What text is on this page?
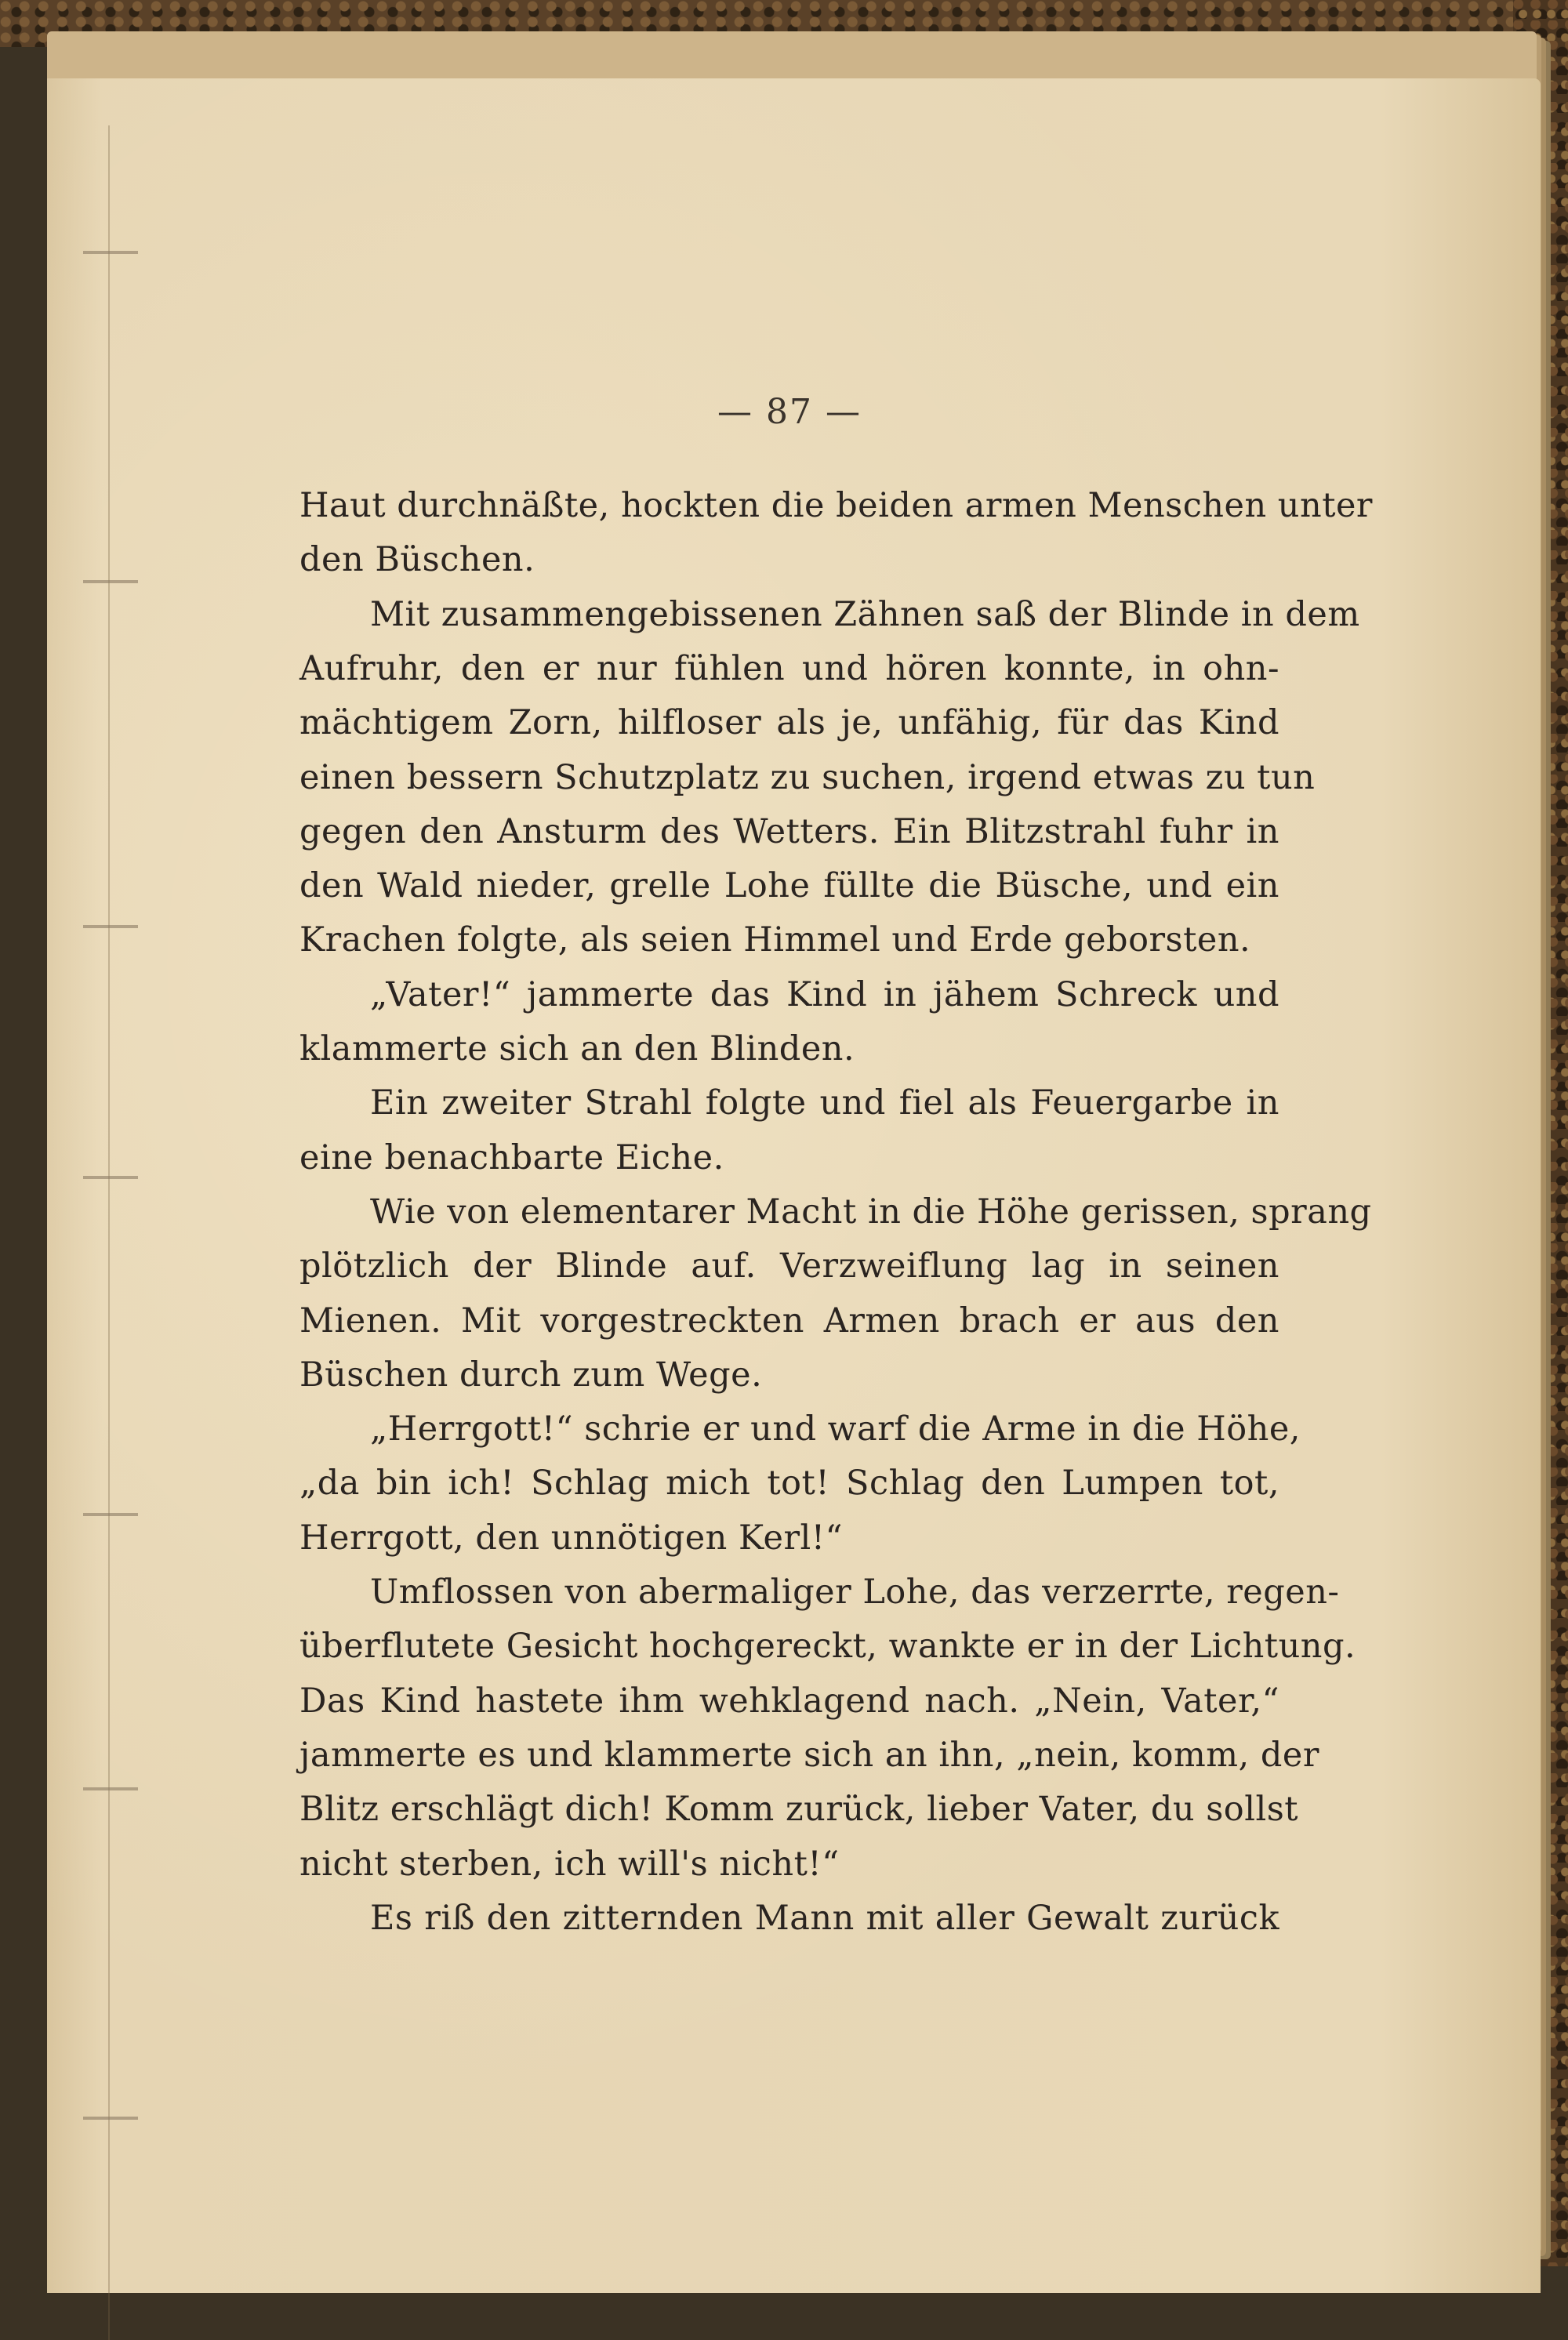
— 87 —
Haut durchnäßte, hockten die beiden armen Menschen unter
den Büschen.
Mit zusammengebissenen Zähnen saß der Blinde in dem
Aufruhr, den er nur fühlen und hören konnte, in ohn-
mächtigem Zorn, hilfloser als je, unfähig, für das Kind
einen bessern Schutzplatz zu suchen, irgend etwas zu tun
gegen den Ansturm des Wetters. Ein Blitzstrahl fuhr in
den Wald nieder, grelle Lohe füllte die Büsche, und ein
Krachen folgte, als seien Himmel und Erde geborsten.
„Vater!“ jammerte das Kind in jähem Schreck und
klammerte sich an den Blinden.
Ein zweiter Strahl folgte und fiel als Feuergarbe in
eine benachbarte Eiche.
Wie von elementarer Macht in die Höhe gerissen, sprang
plötzlich der Blinde auf. Verzweiflung lag in seinen
Mienen. Mit vorgestreckten Armen brach er aus den
Büschen durch zum Wege.
„Herrgott!“ schrie er und warf die Arme in die Höhe,
„da bin ich! Schlag mich tot! Schlag den Lumpen tot,
Herrgott, den unnötigen Kerl!“
Umflossen von abermaliger Lohe, das verzerrte, regen-
überflutete Gesicht hochgereckt, wankte er in der Lichtung.
Das Kind hastete ihm wehklagend nach. „Nein, Vater,“
jammerte es und klammerte sich an ihn, „nein, komm, der
Blitz erschlägt dich! Komm zurück, lieber Vater, du sollst
nicht sterben, ich will's nicht!“
Es riß den zitternden Mann mit aller Gewalt zurück
